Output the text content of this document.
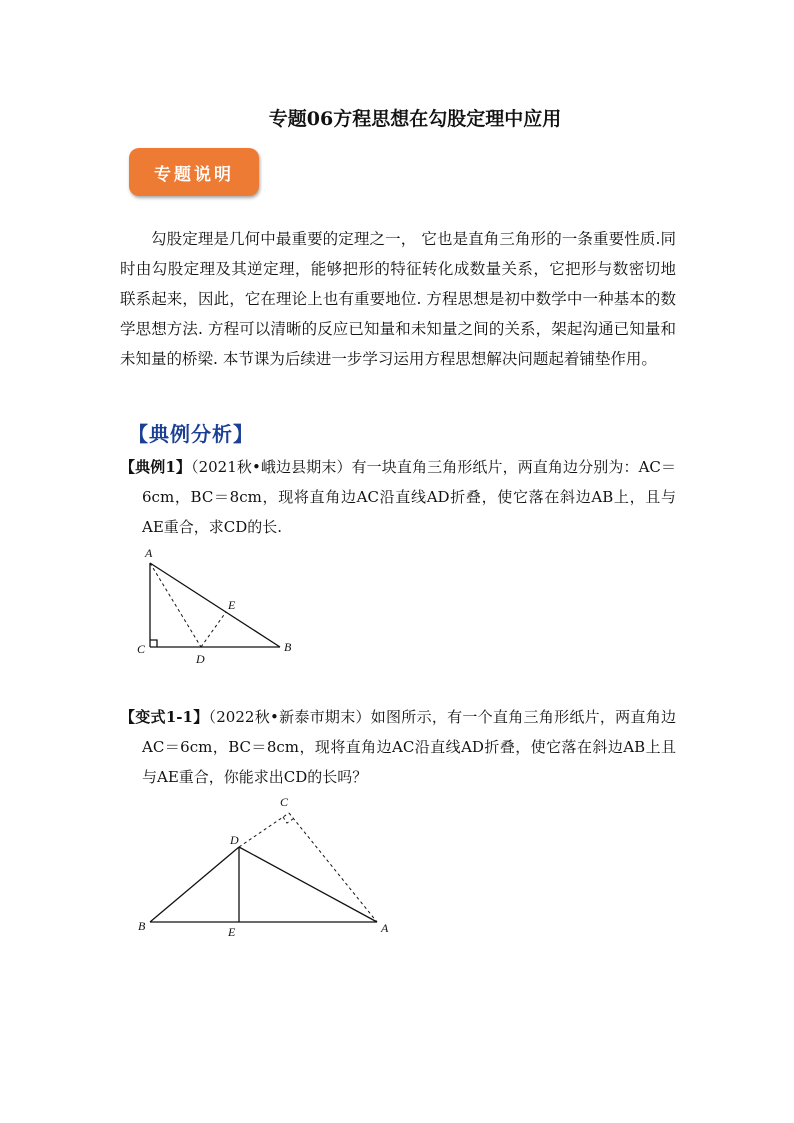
专题06方程思想在勾股定理中应用
专题说明

勾股定理是几何中最重要的定理之一， 它也是直角三角形的一条重要性质.同时由勾股定理及其逆定理，能够把形的特征转化成数量关系，它把形与数密切地联系起来，因此，它在理论上也有重要地位. 方程思想是初中数学中一种基本的数学思想方法. 方程可以清晰的反应已知量和未知量之间的关系，架起沟通已知量和未知量的桥梁. 本节课为后续进一步学习运用方程思想解决问题起着铺垫作用。

【典例分析】

【典例1】（2021秋•峨边县期末）有一块直角三角形纸片，两直角边分别为：AC＝6cm，BC＝8cm，现将直角边AC沿直线AD折叠，使它落在斜边AB上，且与AE重合，求CD的长.

A
E
C
D
B

【变式1-1】（2022秋•新泰市期末）如图所示，有一个直角三角形纸片，两直角边AC＝6cm，BC＝8cm，现将直角边AC沿直线AD折叠，使它落在斜边AB上且与AE重合，你能求出CD的长吗？

C
D
B	E	A
